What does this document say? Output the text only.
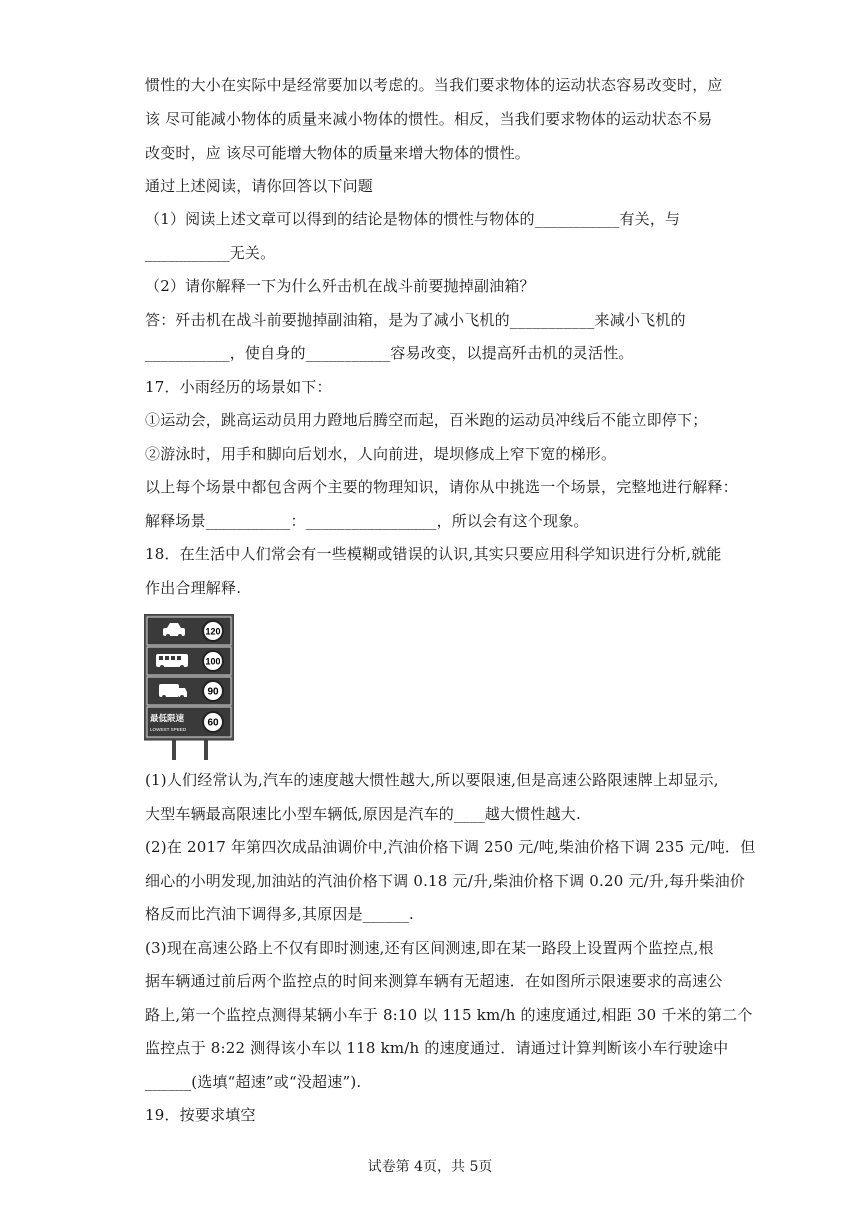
惯性的大小在实际中是经常要加以考虑的。当我们要求物体的运动状态容易改变时，应
该 尽可能减小物体的质量来减小物体的惯性。相反，当我们要求物体的运动状态不易
改变时，应 该尽可能增大物体的质量来增大物体的惯性。
通过上述阅读，请你回答以下问题
（1）阅读上述文章可以得到的结论是物体的惯性与物体的___________有关，与
___________无关。
（2）请你解释一下为什么歼击机在战斗前要抛掉副油箱？
答：歼击机在战斗前要抛掉副油箱，是为了减小飞机的___________来减小飞机的
___________，使自身的___________容易改变，以提高歼击机的灵活性。
17．小雨经历的场景如下：
①运动会，跳高运动员用力蹬地后腾空而起，百米跑的运动员冲线后不能立即停下；
②游泳时，用手和脚向后划水，人向前进，堤坝修成上窄下宽的梯形。
以上每个场景中都包含两个主要的物理知识，请你从中挑选一个场景，完整地进行解释：
解释场景___________：_________________，所以会有这个现象。
18．在生活中人们常会有一些模糊或错误的认识,其实只要应用科学知识进行分析,就能
作出合理解释.
120
100
90
60
最低限速
LOWEST SPEED
(1)人们经常认为,汽车的速度越大惯性越大,所以要限速,但是高速公路限速牌上却显示,
大型车辆最高限速比小型车辆低,原因是汽车的____越大惯性越大.
(2)在 2017 年第四次成品油调价中,汽油价格下调 250 元/吨,柴油价格下调 235 元/吨．但
细心的小明发现,加油站的汽油价格下调 0.18 元/升,柴油价格下调 0.20 元/升,每升柴油价
格反而比汽油下调得多,其原因是______.
(3)现在高速公路上不仅有即时测速,还有区间测速,即在某一路段上设置两个监控点,根
据车辆通过前后两个监控点的时间来测算车辆有无超速．在如图所示限速要求的高速公
路上,第一个监控点测得某辆小车于 8:10 以 115 km/h 的速度通过,相距 30 千米的第二个
监控点于 8:22 测得该小车以 118 km/h 的速度通过．请通过计算判断该小车行驶途中
______(选填“超速”或“没超速”).
19．按要求填空
试卷第 4页，共 5页
